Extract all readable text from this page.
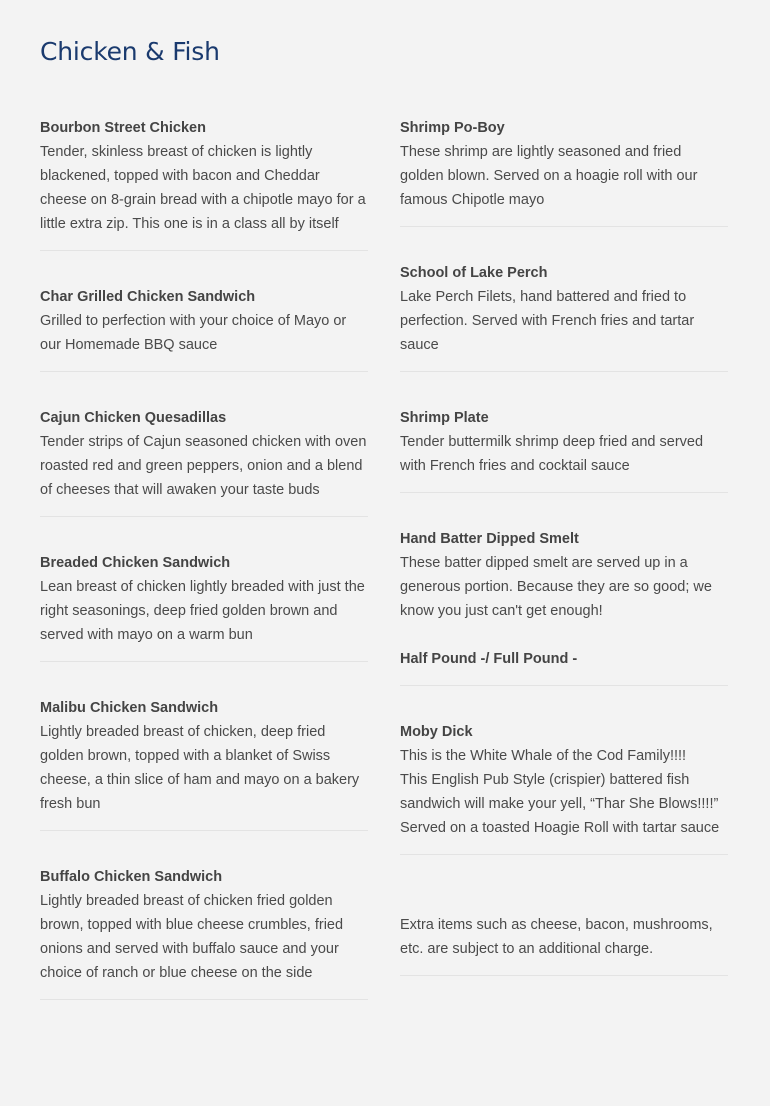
Chicken & Fish
Bourbon Street Chicken
Tender, skinless breast of chicken is lightly blackened, topped with bacon and Cheddar cheese on 8-grain bread with a chipotle mayo for a little extra zip. This one is in a class all by itself
Char Grilled Chicken Sandwich
Grilled to perfection with your choice of Mayo or our Homemade BBQ sauce
Cajun Chicken Quesadillas
Tender strips of Cajun seasoned chicken with oven roasted red and green peppers, onion and a blend of cheeses that will awaken your taste buds
Breaded Chicken Sandwich
Lean breast of chicken lightly breaded with just the right seasonings, deep fried golden brown and served with mayo on a warm bun
Malibu Chicken Sandwich
Lightly breaded breast of chicken, deep fried golden brown, topped with a blanket of Swiss cheese, a thin slice of ham and mayo on a bakery fresh bun
Buffalo Chicken Sandwich
Lightly breaded breast of chicken fried golden brown, topped with blue cheese crumbles, fried onions and served with buffalo sauce and your choice of ranch or blue cheese on the side
Shrimp Po-Boy
These shrimp are lightly seasoned and fried golden blown. Served on a hoagie roll with our famous Chipotle mayo
School of Lake Perch
Lake Perch Filets, hand battered and fried to perfection. Served with French fries and tartar sauce
Shrimp Plate
Tender buttermilk shrimp deep fried and served with French fries and cocktail sauce
Hand Batter Dipped Smelt
These batter dipped smelt are served up in a generous portion. Because they are so good; we know you just can't get enough!
Half Pound -/ Full Pound -
Moby Dick

This is the White Whale of the Cod Family!!!!

This English Pub Style (crispier) battered fish sandwich will make your yell, “Thar She Blows!!!!”

Served on a toasted Hoagie Roll with tartar sauce

Extra items such as cheese, bacon, mushrooms, etc. are subject to an additional charge.
